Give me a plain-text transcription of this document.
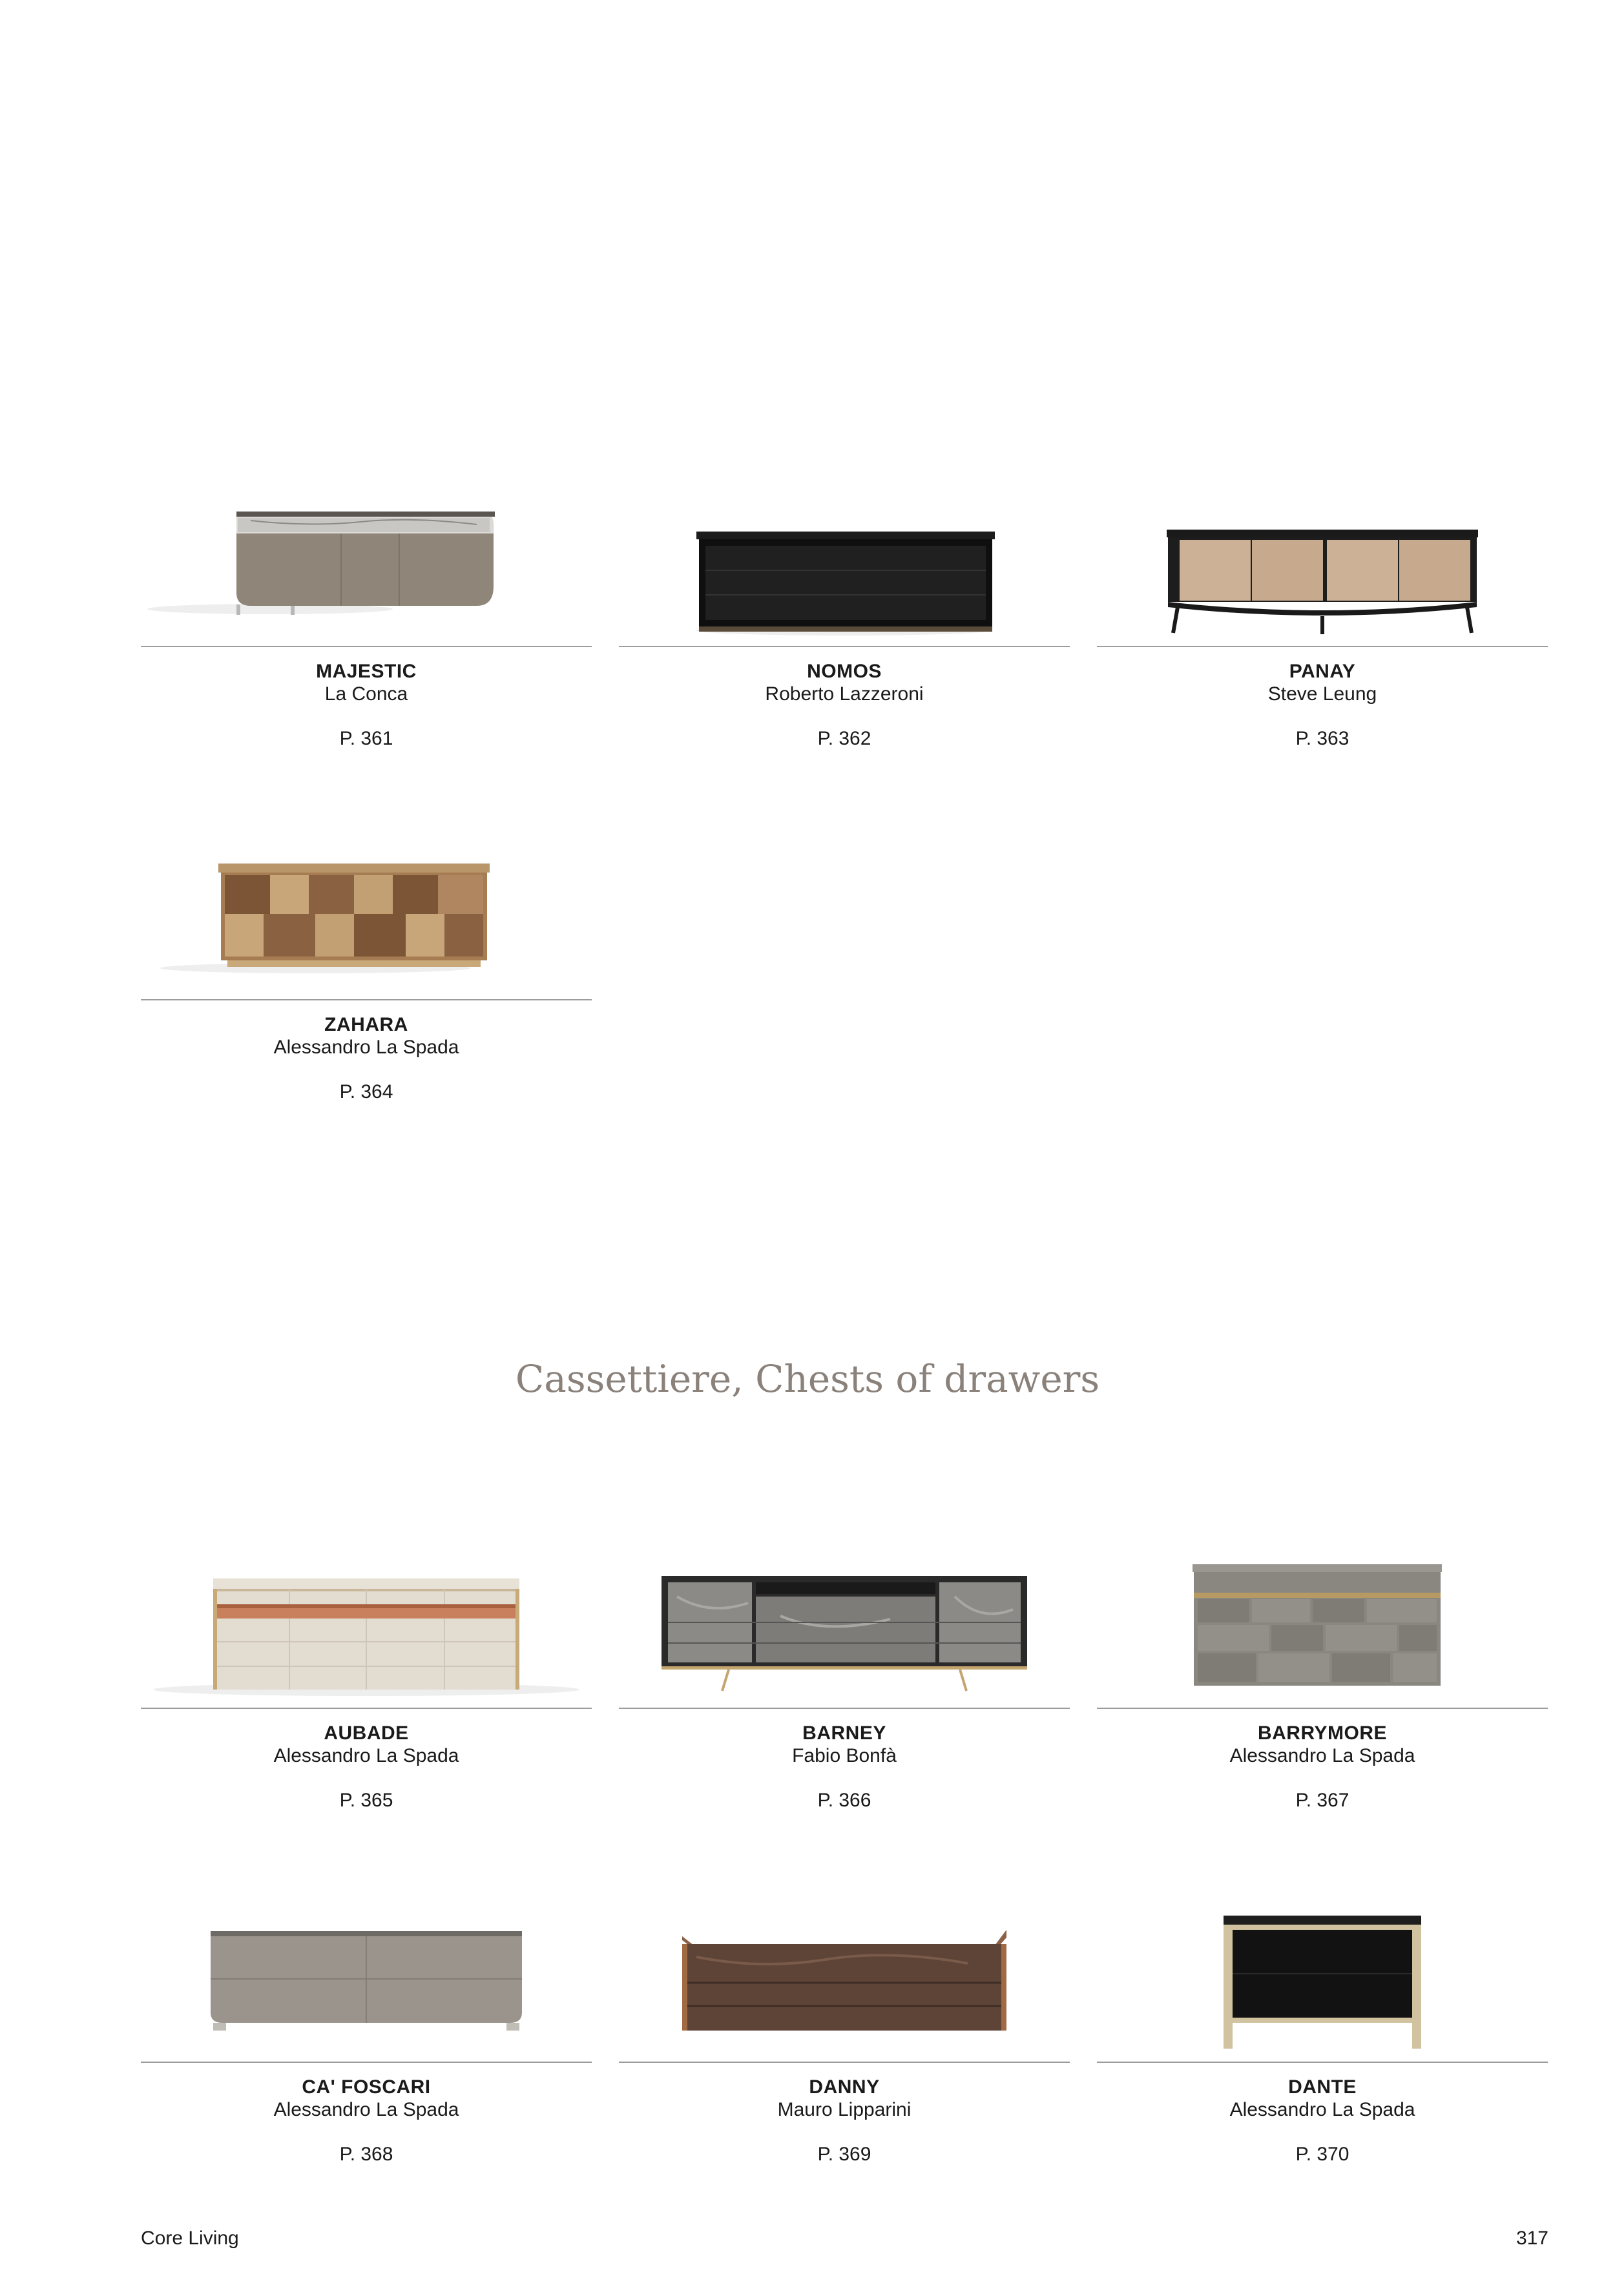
MAJESTIC
La Conca
P. 361
NOMOS
Roberto Lazzeroni
P. 362
PANAY
Steve Leung
P. 363
ZAHARA
Alessandro La Spada
P. 364
Cassettiere, Chests of drawers
AUBADE
Alessandro La Spada
P. 365
BARNEY
Fabio Bonfà
P. 366
BARRYMORE
Alessandro La Spada
P. 367
CA' FOSCARI
Alessandro La Spada
P. 368
DANNY
Mauro Lipparini
P. 369
DANTE
Alessandro La Spada
P. 370
Core Living	317
